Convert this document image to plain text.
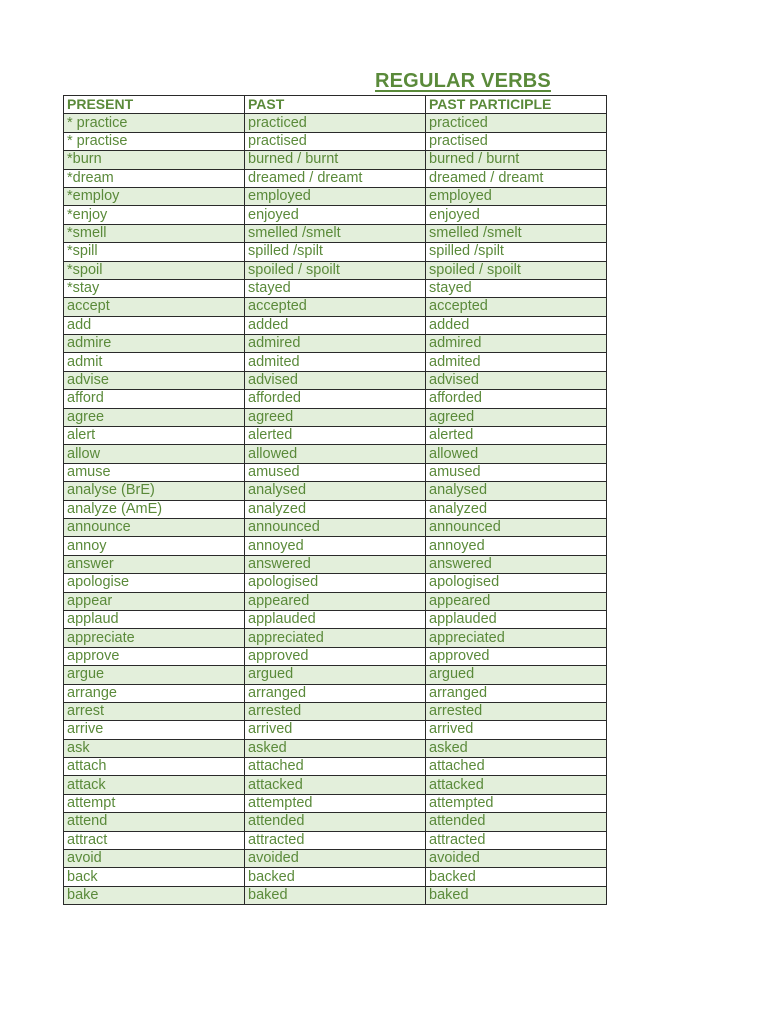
REGULAR VERBS
PRESENT	PAST	PAST PARTICIPLE
* practice	practiced	practiced
* practise	practised	practised
*burn	burned / burnt	burned / burnt
*dream	dreamed / dreamt	dreamed / dreamt
*employ	employed	employed
*enjoy	enjoyed	enjoyed
*smell	smelled /smelt	smelled /smelt
*spill	spilled /spilt	spilled /spilt
*spoil	spoiled / spoilt	spoiled / spoilt
*stay	stayed	stayed
accept	accepted	accepted
add	added	added
admire	admired	admired
admit	admited	admited
advise	advised	advised
afford	afforded	afforded
agree	agreed	agreed
alert	alerted	alerted
allow	allowed	allowed
amuse	amused	amused
analyse (BrE)	analysed	analysed
analyze (AmE)	analyzed	analyzed
announce	announced	announced
annoy	annoyed	annoyed
answer	answered	answered
apologise	apologised	apologised
appear	appeared	appeared
applaud	applauded	applauded
appreciate	appreciated	appreciated
approve	approved	approved
argue	argued	argued
arrange	arranged	arranged
arrest	arrested	arrested
arrive	arrived	arrived
ask	asked	asked
attach	attached	attached
attack	attacked	attacked
attempt	attempted	attempted
attend	attended	attended
attract	attracted	attracted
avoid	avoided	avoided
back	backed	backed
bake	baked	baked
